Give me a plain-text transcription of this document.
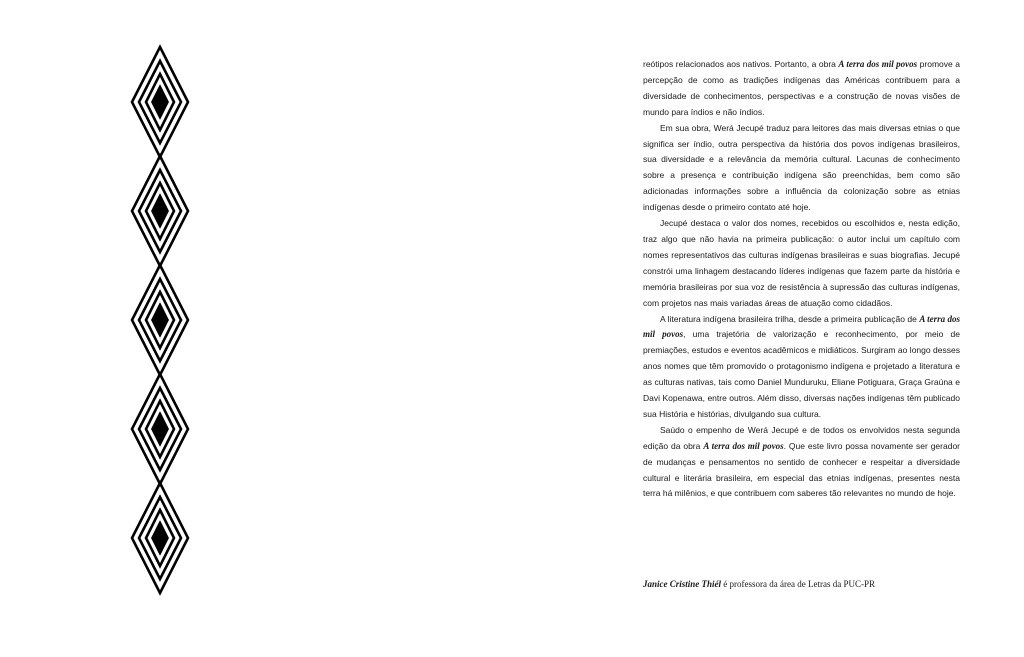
reótipos relacionados aos nativos. Portanto, a obra A terra dos mil povos promove a percepção de como as tradições indígenas das Américas contribuem para a diversidade de conhecimentos, perspectivas e a construção de novas visões de mundo para índios e não índios.

Em sua obra, Werá Jecupé traduz para leitores das mais diversas etnias o que significa ser índio, outra perspectiva da história dos povos indígenas brasileiros, sua diversidade e a relevância da memória cultural. Lacunas de conhecimento sobre a presença e contribuição indígena são preenchidas, bem como são adicionadas informações sobre a influência da colonização sobre as etnias indígenas desde o primeiro contato até hoje.

Jecupé destaca o valor dos nomes, recebidos ou escolhidos e, nesta edição, traz algo que não havia na primeira publicação: o autor inclui um capítulo com nomes representativos das culturas indígenas brasileiras e suas biografias. Jecupé constrói uma linhagem destacando líderes indígenas que fazem parte da história e memória brasileiras por sua voz de resistência à supressão das culturas indígenas, com projetos nas mais variadas áreas de atuação como cidadãos.

A literatura indígena brasileira trilha, desde a primeira publicação de A terra dos mil povos, uma trajetória de valorização e reconhecimento, por meio de premiações, estudos e eventos acadêmicos e midiáticos. Surgiram ao longo desses anos nomes que têm promovido o protagonismo indígena e projetado a literatura e as culturas nativas, tais como Daniel Munduruku, Eliane Potiguara, Graça Graúna e Davi Kopenawa, entre outros. Além disso, diversas nações indígenas têm publicado sua História e histórias, divulgando sua cultura.

Saúdo o empenho de Werá Jecupé e de todos os envolvidos nesta segunda edição da obra A terra dos mil povos. Que este livro possa novamente ser gerador de mudanças e pensamentos no sentido de conhecer e respeitar a diversidade cultural e literária brasileira, em especial das etnias indígenas, presentes nesta terra há milênios, e que contribuem com saberes tão relevantes no mundo de hoje.

Janice Cristine Thiél é professora da área de Letras da PUC-PR
